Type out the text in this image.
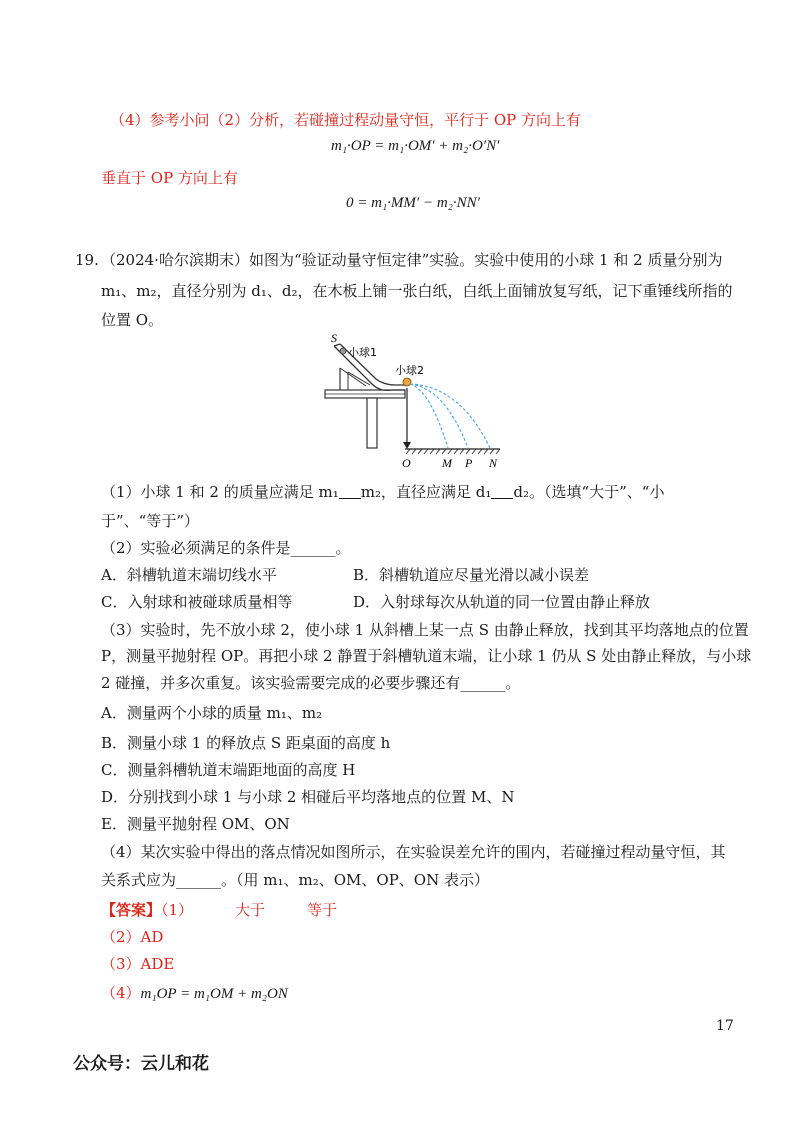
（4）参考小问（2）分析，若碰撞过程动量守恒，平行于 OP 方向上有
m₁·OP = m₁·OM′ + m₂·O′N′
垂直于 OP 方向上有
0 = m₁·MM′ − m₂·NN′
19. （2024·哈尔滨期末）如图为“验证动量守恒定律”实验。实验中使用的小球 1 和 2 质量分别为
m₁、m₂，直径分别为 d₁、d₂，在木板上铺一张白纸，白纸上面铺放复写纸，记下重锤线所指的
位置 O。
S
小球1
小球2
O	M P N
（1）小球 1 和 2 的质量应满足 m₁ m₂，直径应满足 d₁ d₂。（选填“大于”、“小
于”、“等于”）
（2）实验必须满足的条件是______。
A．斜槽轨道末端切线水平	B．斜槽轨道应尽量光滑以减小误差
C．入射球和被碰球质量相等	D．入射球每次从轨道的同一位置由静止释放
（3）实验时，先不放小球 2，使小球 1 从斜槽上某一点 S 由静止释放，找到其平均落地点的位置
P，测量平抛射程 OP。再把小球 2 静置于斜槽轨道末端，让小球 1 仍从 S 处由静止释放，与小球
2 碰撞，并多次重复。该实验需要完成的必要步骤还有______。
A．测量两个小球的质量 m₁、m₂
B．测量小球 1 的释放点 S 距桌面的高度 h
C．测量斜槽轨道末端距地面的高度 H
D．分别找到小球 1 与小球 2 相碰后平均落地点的位置 M、N
E．测量平抛射程 OM、ON
（4）某次实验中得出的落点情况如图所示，在实验误差允许的围内，若碰撞过程动量守恒，其
关系式应为______。（用 m₁、m₂、OM、OP、ON 表示）
【答案】（1）	大于	等于
（2）AD
（3）ADE
（4）m₁OP = m₁OM + m₂ON
17
公众号：云儿和花
